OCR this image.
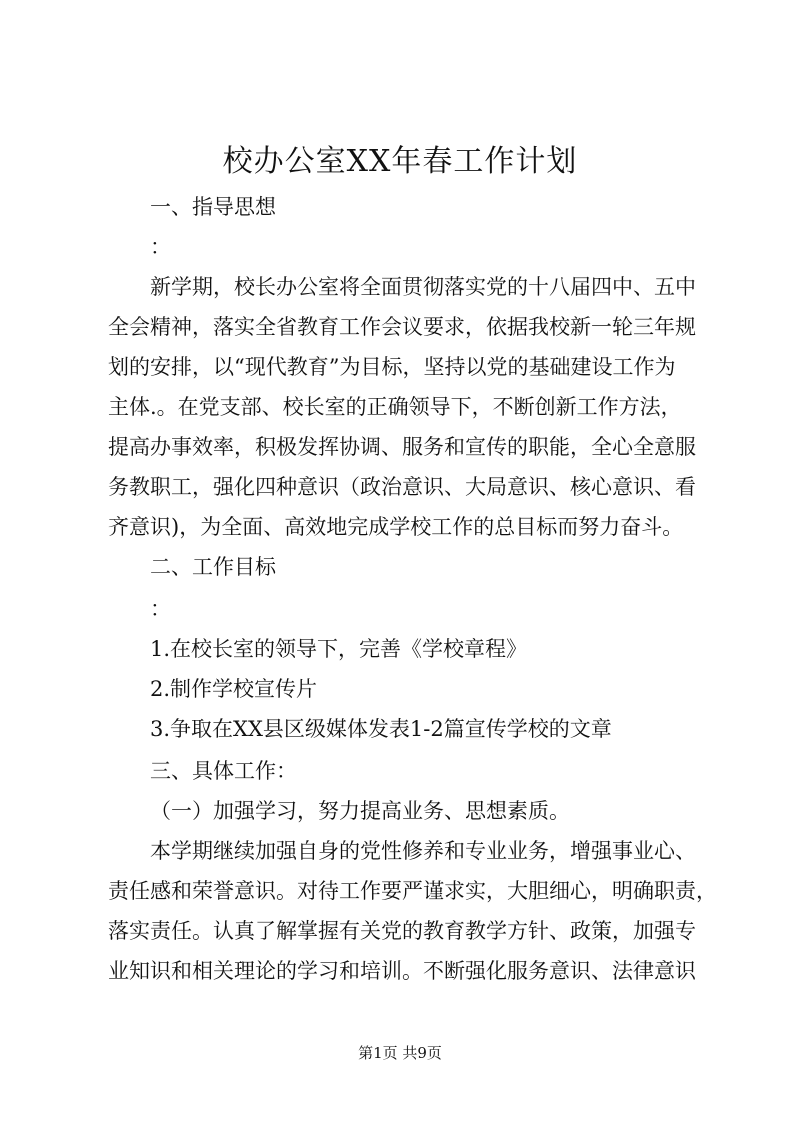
校办公室XX年春工作计划
一、指导思想
：
新学期，校长办公室将全面贯彻落实党的十八届四中、五中
全会精神，落实全省教育工作会议要求，依据我校新一轮三年规
划的安排，以“现代教育”为目标，坚持以党的基础建设工作为
主体.。在党支部、校长室的正确领导下，不断创新工作方法，
提高办事效率，积极发挥协调、服务和宣传的职能，全心全意服
务教职工，强化四种意识（政治意识、大局意识、核心意识、看
齐意识)，为全面、高效地完成学校工作的总目标而努力奋斗。
二、工作目标
：
1.在校长室的领导下，完善《学校章程》
2.制作学校宣传片
3.争取在XX县区级媒体发表1-2篇宣传学校的文章
三、具体工作：
（一）加强学习，努力提高业务、思想素质。
本学期继续加强自身的党性修养和专业业务，增强事业心、
责任感和荣誉意识。对待工作要严谨求实，大胆细心，明确职责，
落实责任。认真了解掌握有关党的教育教学方针、政策，加强专
业知识和相关理论的学习和培训。不断强化服务意识、法律意识
第1页 共9页
